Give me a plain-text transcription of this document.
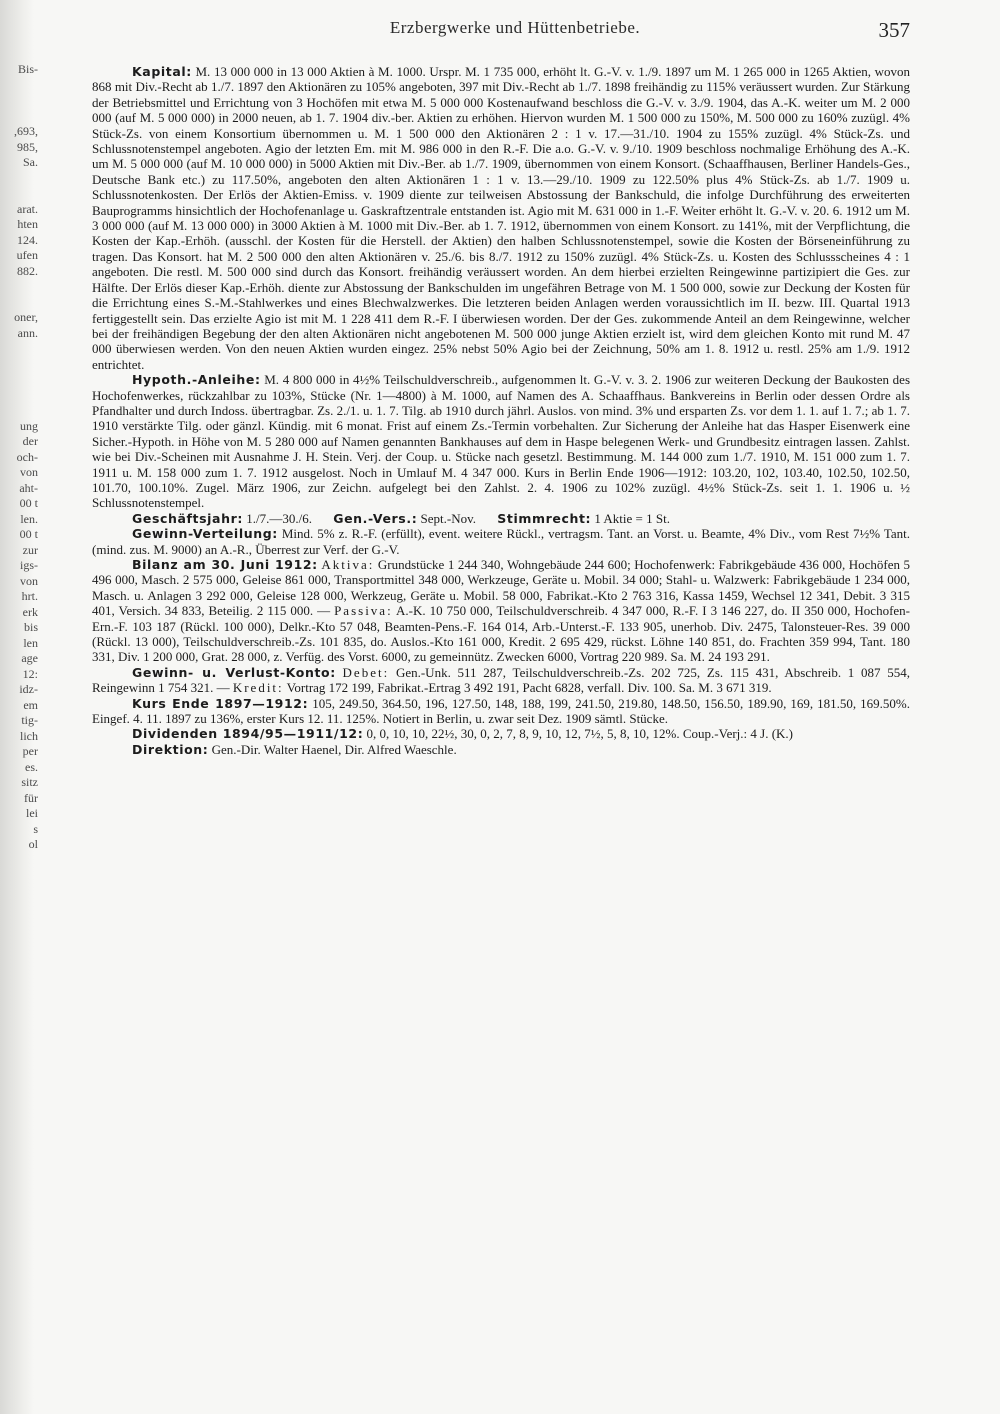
Bis-

,693,
985,
Sa.

arat.
hten
124.
ufen
882.

oner,
ann.

ung
der
och-
von
aht-
00 t
len.
00 t
zur
igs-
von
hrt.
erk
bis
len
age
12:
idz-
em
tig-
lich
per
es.
sitz
für
lei
s
ol
Erzbergwerke und Hüttenbetriebe.	357

Kapital: M. 13 000 000 in 13 000 Aktien à M. 1000. Urspr. M. 1 735 000, erhöht lt. G.-V. v. 1./9. 1897 um M. 1 265 000 in 1265 Aktien, wovon 868 mit Div.-Recht ab 1./7. 1897 den Aktionären zu 105% angeboten, 397 mit Div.-Recht ab 1./7. 1898 freihändig zu 115% veräussert wurden. Zur Stärkung der Betriebsmittel und Errichtung von 3 Hochöfen mit etwa M. 5 000 000 Kostenaufwand beschloss die G.-V. v. 3./9. 1904, das A.-K. weiter um M. 2 000 000 (auf M. 5 000 000) in 2000 neuen, ab 1. 7. 1904 div.-ber. Aktien zu erhöhen. Hiervon wurden M. 1 500 000 zu 150%, M. 500 000 zu 160% zuzügl. 4% Stück-Zs. von einem Konsortium übernommen u. M. 1 500 000 den Aktionären 2 : 1 v. 17.—31./10. 1904 zu 155% zuzügl. 4% Stück-Zs. und Schlussnotenstempel angeboten. Agio der letzten Em. mit M. 986 000 in den R.-F. Die a.o. G.-V. v. 9./10. 1909 beschloss nochmalige Erhöhung des A.-K. um M. 5 000 000 (auf M. 10 000 000) in 5000 Aktien mit Div.-Ber. ab 1./7. 1909, übernommen von einem Konsort. (Schaaffhausen, Berliner Handels-Ges., Deutsche Bank etc.) zu 117.50%, angeboten den alten Aktionären 1 : 1 v. 13.—29./10. 1909 zu 122.50% plus 4% Stück-Zs. ab 1./7. 1909 u. Schlussnotenkosten. Der Erlös der Aktien-Emiss. v. 1909 diente zur teilweisen Abstossung der Bankschuld, die infolge Durchführung des erweiterten Bauprogramms hinsichtlich der Hochofenanlage u. Gaskraftzentrale entstanden ist. Agio mit M. 631 000 in 1.-F. Weiter erhöht lt. G.-V. v. 20. 6. 1912 um M. 3 000 000 (auf M. 13 000 000) in 3000 Aktien à M. 1000 mit Div.-Ber. ab 1. 7. 1912, übernommen von einem Konsort. zu 141%, mit der Verpflichtung, die Kosten der Kap.-Erhöh. (ausschl. der Kosten für die Herstell. der Aktien) den halben Schlussnotenstempel, sowie die Kosten der Börseneinführung zu tragen. Das Konsort. hat M. 2 500 000 den alten Aktionären v. 25./6. bis 8./7. 1912 zu 150% zuzügl. 4% Stück-Zs. u. Kosten des Schlussscheines 4 : 1 angeboten. Die restl. M. 500 000 sind durch das Konsort. freihändig veräussert worden. An dem hierbei erzielten Reingewinne partizipiert die Ges. zur Hälfte. Der Erlös dieser Kap.-Erhöh. diente zur Abstossung der Bankschulden im ungefähren Betrage von M. 1 500 000, sowie zur Deckung der Kosten für die Errichtung eines S.-M.-Stahlwerkes und eines Blechwalzwerkes. Die letzteren beiden Anlagen werden voraussichtlich im II. bezw. III. Quartal 1913 fertiggestellt sein. Das erzielte Agio ist mit M. 1 228 411 dem R.-F. I überwiesen worden. Der der Ges. zukommende Anteil an dem Reingewinne, welcher bei der freihändigen Begebung der den alten Aktionären nicht angebotenen M. 500 000 junge Aktien erzielt ist, wird dem gleichen Konto mit rund M. 47 000 überwiesen werden. Von den neuen Aktien wurden eingez. 25% nebst 50% Agio bei der Zeichnung, 50% am 1. 8. 1912 u. restl. 25% am 1./9. 1912 entrichtet.

Hypoth.-Anleihe: M. 4 800 000 in 4½% Teilschuldverschreib., aufgenommen lt. G.-V. v. 3. 2. 1906 zur weiteren Deckung der Baukosten des Hochofenwerkes, rückzahlbar zu 103%, Stücke (Nr. 1—4800) à M. 1000, auf Namen des A. Schaaffhaus. Bankvereins in Berlin oder dessen Ordre als Pfandhalter und durch Indoss. übertragbar. Zs. 2./1. u. 1. 7. Tilg. ab 1910 durch jährl. Auslos. von mind. 3% und ersparten Zs. vor dem 1. 1. auf 1. 7.; ab 1. 7. 1910 verstärkte Tilg. oder gänzl. Kündig. mit 6 monat. Frist auf einem Zs.-Termin vorbehalten. Zur Sicherung der Anleihe hat das Hasper Eisenwerk eine Sicher.-Hypoth. in Höhe von M. 5 280 000 auf Namen genannten Bankhauses auf dem in Haspe belegenen Werk- und Grundbesitz eintragen lassen. Zahlst. wie bei Div.-Scheinen mit Ausnahme J. H. Stein. Verj. der Coup. u. Stücke nach gesetzl. Bestimmung. M. 144 000 zum 1./7. 1910, M. 151 000 zum 1. 7. 1911 u. M. 158 000 zum 1. 7. 1912 ausgelost. Noch in Umlauf M. 4 347 000. Kurs in Berlin Ende 1906—1912: 103.20, 102, 103.40, 102.50, 102.50, 101.70, 100.10%. Zugel. März 1906, zur Zeichn. aufgelegt bei den Zahlst. 2. 4. 1906 zu 102% zuzügl. 4½% Stück-Zs. seit 1. 1. 1906 u. ½ Schlussnotenstempel.

Geschäftsjahr: 1./7.—30./6. Gen.-Vers.: Sept.-Nov. Stimmrecht: 1 Aktie = 1 St.

Gewinn-Verteilung: Mind. 5% z. R.-F. (erfüllt), event. weitere Rückl., vertragsm. Tant. an Vorst. u. Beamte, 4% Div., vom Rest 7½% Tant. (mind. zus. M. 9000) an A.-R., Überrest zur Verf. der G.-V.

Bilanz am 30. Juni 1912: Aktiva: Grundstücke 1 244 340, Wohngebäude 244 600; Hochofenwerk: Fabrikgebäude 436 000, Hochöfen 5 496 000, Masch. 2 575 000, Geleise 861 000, Transportmittel 348 000, Werkzeuge, Geräte u. Mobil. 34 000; Stahl- u. Walzwerk: Fabrikgebäude 1 234 000, Masch. u. Anlagen 3 292 000, Geleise 128 000, Werkzeug, Geräte u. Mobil. 58 000, Fabrikat.-Kto 2 763 316, Kassa 1459, Wechsel 12 341, Debit. 3 315 401, Versich. 34 833, Beteilig. 2 115 000. — Passiva: A.-K. 10 750 000, Teilschuldverschreib. 4 347 000, R.-F. I 3 146 227, do. II 350 000, Hochofen-Ern.-F. 103 187 (Rückl. 100 000), Delkr.-Kto 57 048, Beamten-Pens.-F. 164 014, Arb.-Unterst.-F. 133 905, unerhob. Div. 2475, Talonsteuer-Res. 39 000 (Rückl. 13 000), Teilschuldverschreib.-Zs. 101 835, do. Auslos.-Kto 161 000, Kredit. 2 695 429, rückst. Löhne 140 851, do. Frachten 359 994, Tant. 180 331, Div. 1 200 000, Grat. 28 000, z. Verfüg. des Vorst. 6000, zu gemeinnütz. Zwecken 6000, Vortrag 220 989. Sa. M. 24 193 291.

Gewinn- u. Verlust-Konto: Debet: Gen.-Unk. 511 287, Teilschuldverschreib.-Zs. 202 725, Zs. 115 431, Abschreib. 1 087 554, Reingewinn 1 754 321. — Kredit: Vortrag 172 199, Fabrikat.-Ertrag 3 492 191, Pacht 6828, verfall. Div. 100. Sa. M. 3 671 319.

Kurs Ende 1897—1912: 105, 249.50, 364.50, 196, 127.50, 148, 188, 199, 241.50, 219.80, 148.50, 156.50, 189.90, 169, 181.50, 169.50%. Eingef. 4. 11. 1897 zu 136%, erster Kurs 12. 11. 125%. Notiert in Berlin, u. zwar seit Dez. 1909 sämtl. Stücke.

Dividenden 1894/95—1911/12: 0, 0, 10, 10, 22½, 30, 0, 2, 7, 8, 9, 10, 12, 7½, 5, 8, 10, 12%. Coup.-Verj.: 4 J. (K.)

Direktion: Gen.-Dir. Walter Haenel, Dir. Alfred Waeschle.
